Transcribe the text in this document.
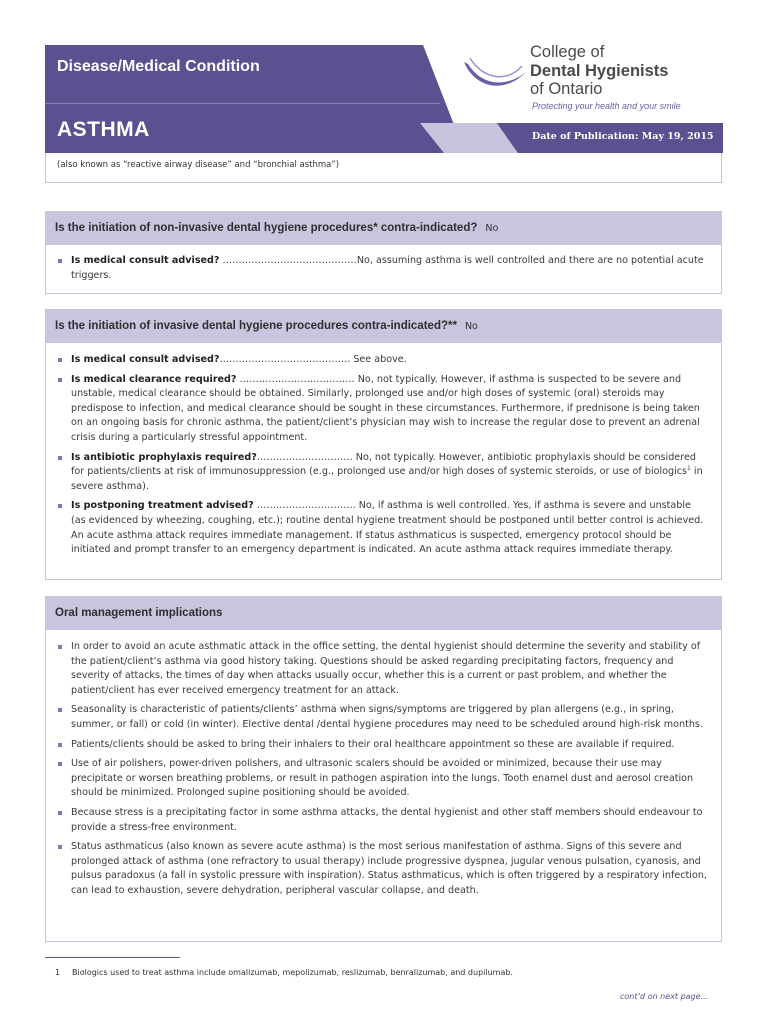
Disease/Medical Condition
ASTHMA	Date of Publication: May 19, 2015
(also known as “reactive airway disease” and “bronchial asthma”)
College of
Dental Hygienists
of Ontario
Protecting your health and your smile
Is the initiation of non-invasive dental hygiene procedures* contra-indicated? No
Is medical consult advised? ……………………………………No, assuming asthma is well controlled and there are no potential acute triggers.
Is the initiation of invasive dental hygiene procedures contra-indicated?** No
Is medical consult advised?………………………………….. See above.
Is medical clearance required? ……………………………… No, not typically. However, if asthma is suspected to be severe and unstable, medical clearance should be obtained. Similarly, prolonged use and/or high doses of systemic (oral) steroids may predispose to infection, and medical clearance should be sought in these circumstances. Furthermore, if prednisone is being taken on an ongoing basis for chronic asthma, the patient/client’s physician may wish to increase the regular dose to prevent an adrenal crisis during a particularly stressful appointment.
Is antibiotic prophylaxis required?………………………… No, not typically. However, antibiotic prophylaxis should be considered for patients/clients at risk of immunosuppression (e.g., prolonged use and/or high doses of systemic steroids, or use of biologics$^1$ in severe asthma).
Is postponing treatment advised? …………………………. No, if asthma is well controlled. Yes, if asthma is severe and unstable (as evidenced by wheezing, coughing, etc.); routine dental hygiene treatment should be postponed until better control is achieved. An acute asthma attack requires immediate management. If status asthmaticus is suspected, emergency protocol should be initiated and prompt transfer to an emergency department is indicated. An acute asthma attack requires immediate therapy.
Oral management implications
In order to avoid an acute asthmatic attack in the office setting, the dental hygienist should determine the severity and stability of the patient/client’s asthma via good history taking. Questions should be asked regarding precipitating factors, frequency and severity of attacks, the times of day when attacks usually occur, whether this is a current or past problem, and whether the patient/client has ever received emergency treatment for an attack.
Seasonality is characteristic of patients/clients’ asthma when signs/symptoms are triggered by plan allergens (e.g., in spring, summer, or fall) or cold (in winter). Elective dental /dental hygiene procedures may need to be scheduled around high-risk months.
Patients/clients should be asked to bring their inhalers to their oral healthcare appointment so these are available if required.
Use of air polishers, power-driven polishers, and ultrasonic scalers should be avoided or minimized, because their use may precipitate or worsen breathing problems, or result in pathogen aspiration into the lungs. Tooth enamel dust and aerosol creation should be minimized. Prolonged supine positioning should be avoided.
Because stress is a precipitating factor in some asthma attacks, the dental hygienist and other staff members should endeavour to provide a stress-free environment.
Status asthmaticus (also known as severe acute asthma) is the most serious manifestation of asthma. Signs of this severe and prolonged attack of asthma (one refractory to usual therapy) include progressive dyspnea, jugular venous pulsation, cyanosis, and pulsus paradoxus (a fall in systolic pressure with inspiration). Status asthmaticus, which is often triggered by a respiratory infection, can lead to exhaustion, severe dehydration, peripheral vascular collapse, and death.
1 Biologics used to treat asthma include omalizumab, mepolizumab, reslizumab, benralizumab, and dupilumab.
cont’d on next page…
